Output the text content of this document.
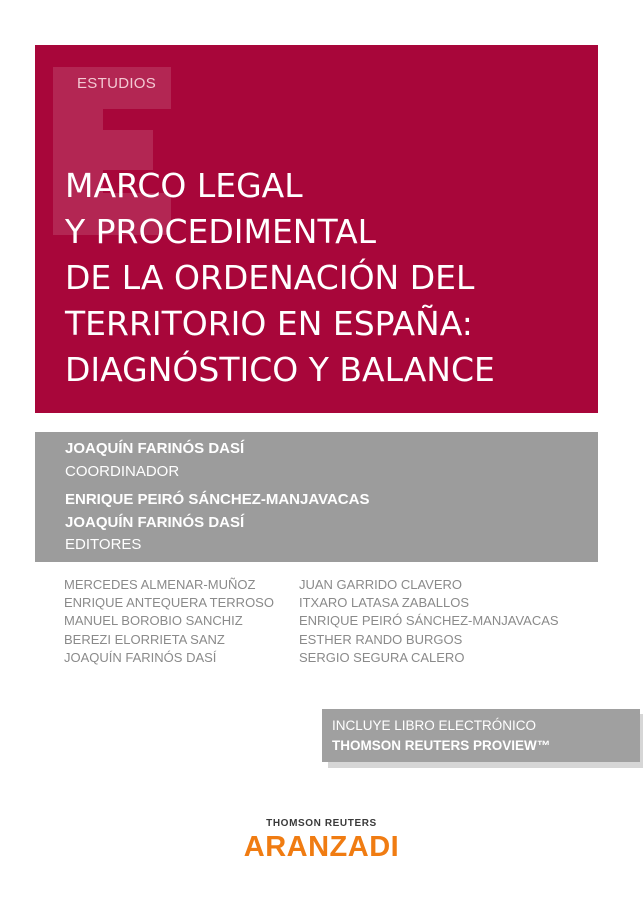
ESTUDIOS
MARCO LEGAL
Y PROCEDIMENTAL
DE LA ORDENACIÓN DEL
TERRITORIO EN ESPAÑA:
DIAGNÓSTICO Y BALANCE
JOAQUÍN FARINÓS DASÍ
COORDINADOR
ENRIQUE PEIRÓ SÁNCHEZ-MANJAVACAS
JOAQUÍN FARINÓS DASÍ
EDITORES
MERCEDES ALMENAR-MUÑOZ
ENRIQUE ANTEQUERA TERROSO
MANUEL BOROBIO SANCHIZ
BEREZI ELORRIETA SANZ
JOAQUÍN FARINÓS DASÍ
JUAN GARRIDO CLAVERO
ITXARO LATASA ZABALLOS
ENRIQUE PEIRÓ SÁNCHEZ-MANJAVACAS
ESTHER RANDO BURGOS
SERGIO SEGURA CALERO
INCLUYE LIBRO ELECTRÓNICO
THOMSON REUTERS PROVIEW™
THOMSON REUTERS
ARANZADI
